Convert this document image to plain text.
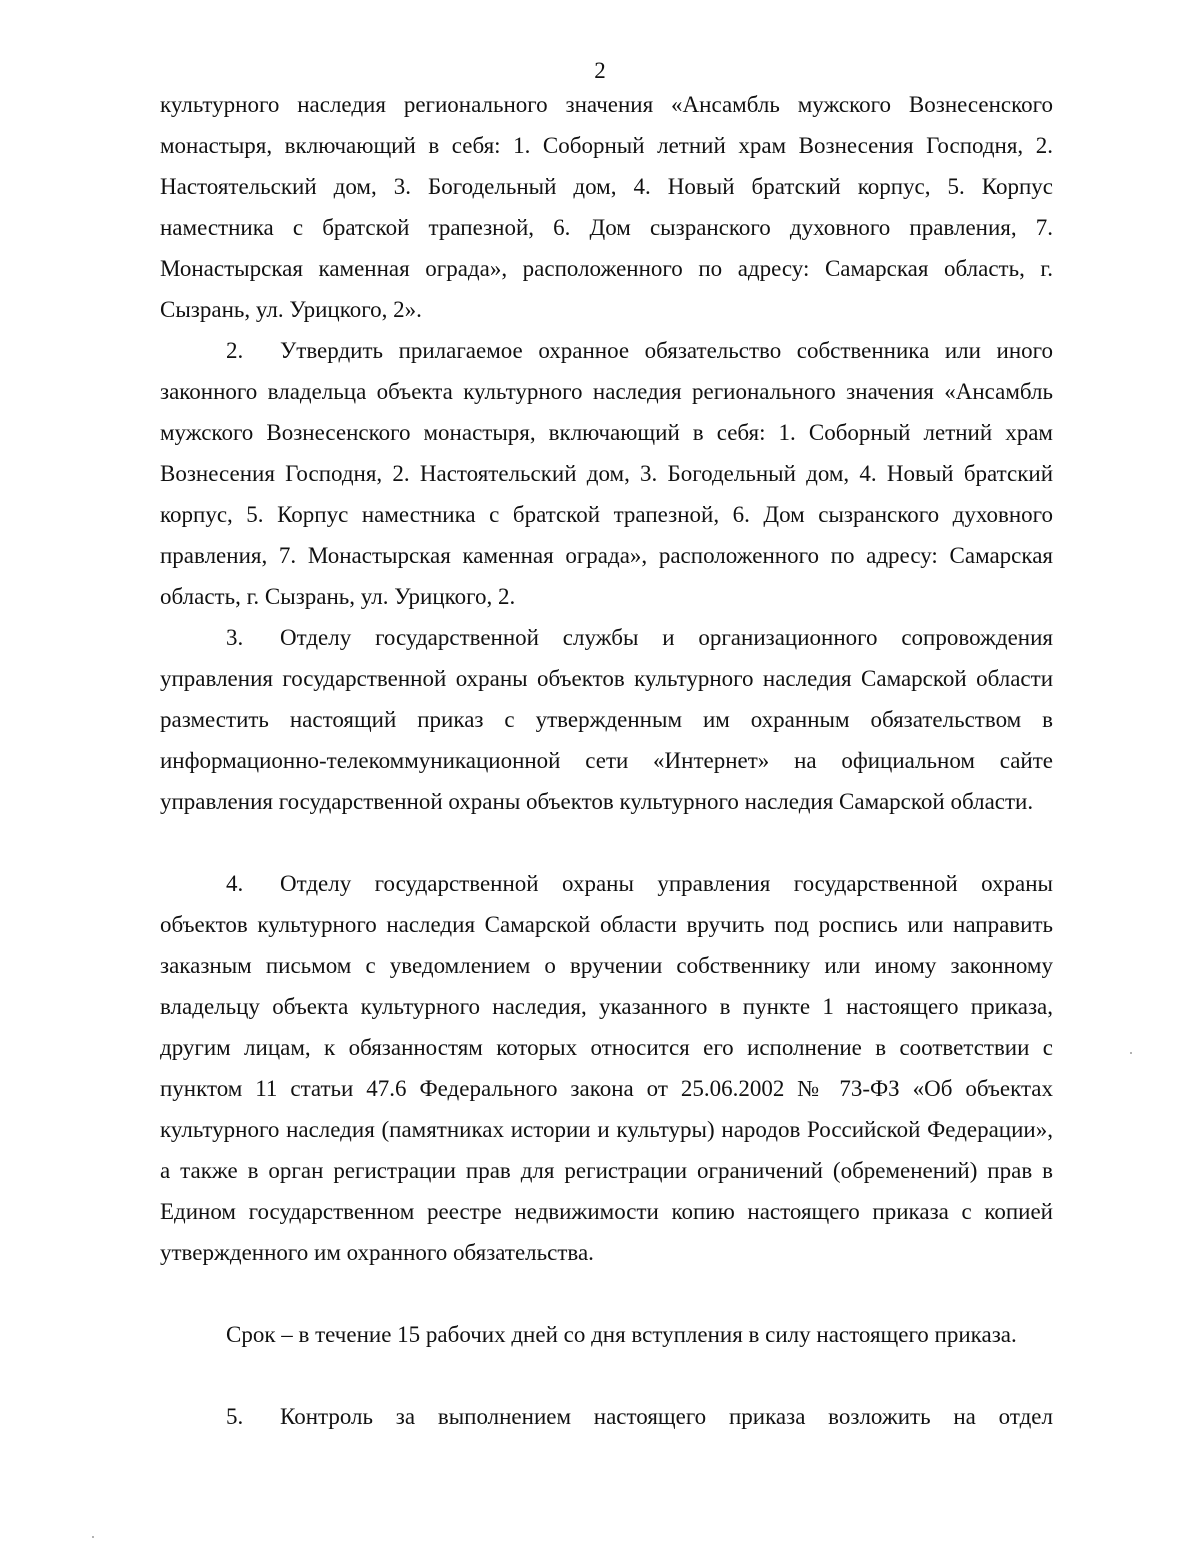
2

культурного наследия регионального значения «Ансамбль мужского Вознесенского монастыря, включающий в себя: 1. Соборный летний храм Вознесения Господня, 2. Настоятельский дом, 3. Богодельный дом, 4. Новый братский корпус, 5. Корпус наместника с братской трапезной, 6. Дом сызранского духовного правления, 7. Монастырская каменная ограда», расположенного по адресу: Самарская область, г. Сызрань, ул. Урицкого, 2».

2. Утвердить прилагаемое охранное обязательство собственника или иного законного владельца объекта культурного наследия регионального значения «Ансамбль мужского Вознесенского монастыря, включающий в себя: 1. Соборный летний храм Вознесения Господня, 2. Настоятельский дом, 3. Богодельный дом, 4. Новый братский корпус, 5. Корпус наместника с братской трапезной, 6. Дом сызранского духовного правления, 7. Монастырская каменная ограда», расположенного по адресу: Самарская область, г. Сызрань, ул. Урицкого, 2.

3. Отделу государственной службы и организационного сопровождения управления государственной охраны объектов культурного наследия Самарской области разместить настоящий приказ с утвержденным им охранным обязательством в информационно-телекоммуникационной сети «Интернет» на официальном сайте управления государственной охраны объектов культурного наследия Самарской области.

4. Отделу государственной охраны управления государственной охраны объектов культурного наследия Самарской области вручить под роспись или направить заказным письмом с уведомлением о вручении собственнику или иному законному владельцу объекта культурного наследия, указанного в пункте 1 настоящего приказа, другим лицам, к обязанностям которых относится его исполнение в соответствии с пунктом 11 статьи 47.6 Федерального закона от 25.06.2002 № 73-ФЗ «Об объектах культурного наследия (памятниках истории и культуры) народов Российской Федерации», а также в орган регистрации прав для регистрации ограничений (обременений) прав в Едином государственном реестре недвижимости копию настоящего приказа с копией утвержденного им охранного обязательства.

Срок – в течение 15 рабочих дней со дня вступления в силу настоящего приказа.

5. Контроль за выполнением настоящего приказа возложить на отдел
